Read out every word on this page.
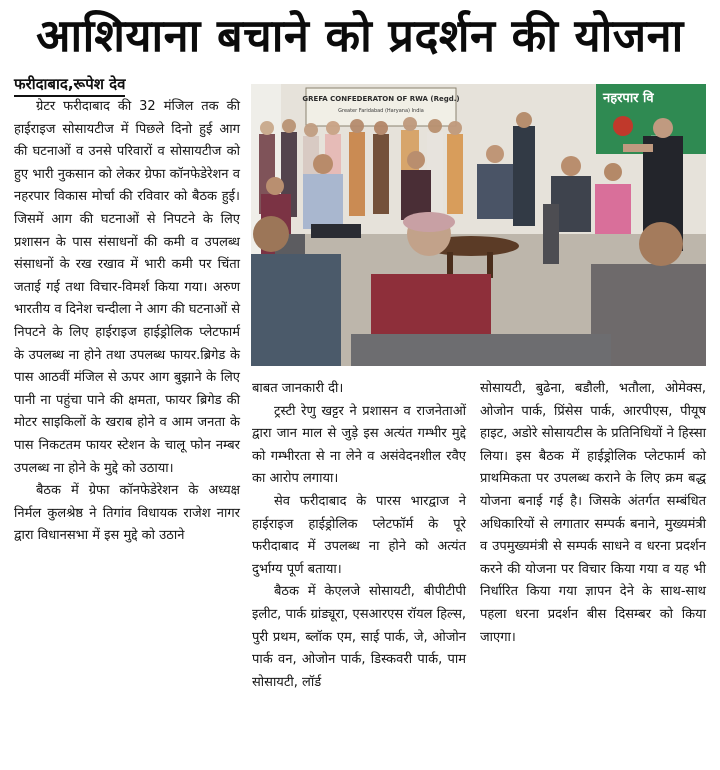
आशियाना बचाने को प्रदर्शन की योजना
फरीदाबाद,रूपेश देव

ग्रेटर फरीदाबाद की 32 मंजिल तक की हाईराइज सोसायटीज में पिछले दिनो हुई आग की घटनाओं व उनसे परिवारों व सोसायटीज को हुए भारी नुकसान को लेकर ग्रेफा कॉनफेडेरेशन व नहरपार विकास मोर्चा की रविवार को बैठक हुई। जिसमें आग की घटनाओं से निपटने के लिए प्रशासन के पास संसाधनों की कमी व उपलब्ध संसाधनों के रख रखाव में भारी कमी पर चिंता जताई गई तथा विचार-विमर्श किया गया। अरुण भारतीय व दिनेश चन्दीला ने आग की घटनाओं से निपटने के लिए हाईराइज हाईड्रोलिक प्लेटफार्म के उपलब्ध ना होने तथा उपलब्ध फायर.ब्रिगेड के पास आठवीं मंजिल से ऊपर आग बुझाने के लिए पानी ना पहुंचा पाने की क्षमता, फायर ब्रिगेड की मोटर साइकिलों के खराब होने व आम जनता के पास निकटतम फायर स्टेशन के चालू फोन नम्बर उपलब्ध ना होने के मुद्दे को उठाया।

बैठक में ग्रेफा कॉनफेडेरेशन के अध्यक्ष निर्मल कुलश्रेष्ठ ने तिगांव विधायक राजेश नागर द्वारा विधानसभा में इस मुद्दे को उठाने

GREFA CONFEDERATON OF RWA (Regd.)
Greater Faridabad (Haryana) India
नहरपार वि

बाबत जानकारी दी।

ट्रस्टी रेणु खट्टर ने प्रशासन व राजनेताओं द्वारा जान माल से जुड़े इस अत्यंत गम्भीर मुद्दे को गम्भीरता से ना लेने व असंवेदनशील रवैए का आरोप लगाया।

सेव फरीदाबाद के पारस भारद्वाज ने हाईराइज हाईड्रोलिक प्लेटफॉर्म के पूरे फरीदाबाद में उपलब्ध ना होने को अत्यंत दुर्भाग्य पूर्ण बताया।

बैठक में केएलजे सोसायटी, बीपीटीपी इलीट, पार्क ग्रांड्यूरा, एसआरएस रॉयल हिल्स, पुरी प्रथम, ब्लॉक एम, साई पार्क, जे, ओजोन पार्क वन, ओजोन पार्क, डिस्कवरी पार्क, पाम सोसायटी, लॉर्ड

सोसायटी, बुढेना, बडौली, भतौला, ओमेक्स, ओजोन पार्क, प्रिंसेस पार्क, आरपीएस, पीयूष हाइट, अडोरे सोसायटीस के प्रतिनिधियों ने हिस्सा लिया। इस बैठक में हाईड्रोलिक प्लेटफार्म को प्राथमिकता पर उपलब्ध कराने के लिए क्रम बद्ध योजना बनाई गई है। जिसके अंतर्गत सम्बंधित अधिकारियों से लगातार सम्पर्क बनाने, मुख्यमंत्री व उपमुख्यमंत्री से सम्पर्क साधने व धरना प्रदर्शन करने की योजना पर विचार किया गया व यह भी निर्धारित किया गया ज्ञापन देने के साथ-साथ पहला धरना प्रदर्शन बीस दिसम्बर को किया जाएगा।
